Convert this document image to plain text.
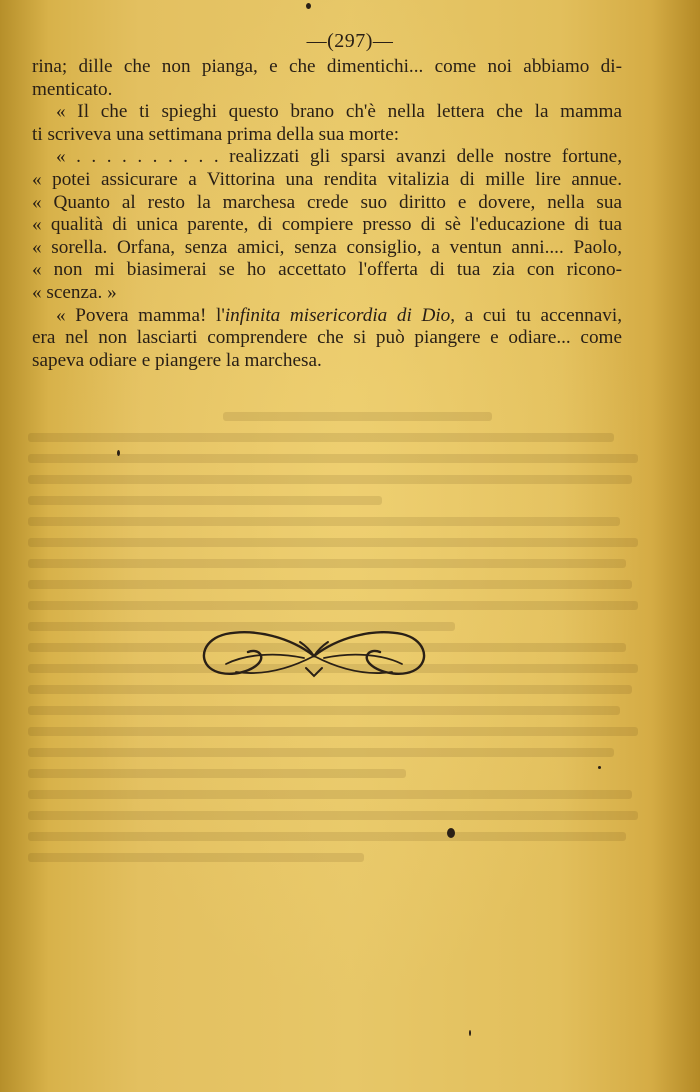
—(297)—

rina; dille che non pianga, e che dimentichi... come noi abbiamo di-

menticato.

« Il che ti spieghi questo brano ch'è nella lettera che la mamma

ti scriveva una settimana prima della sua morte:

« . . . . . . . . . . realizzati gli sparsi avanzi delle nostre fortune,

« potei assicurare a Vittorina una rendita vitalizia di mille lire annue.

« Quanto al resto la marchesa crede suo diritto e dovere, nella sua

« qualità di unica parente, di compiere presso di sè l'educazione di tua

« sorella. Orfana, senza amici, senza consiglio, a ventun anni.... Paolo,

« non mi biasimerai se ho accettato l'offerta di tua zia con ricono-

« scenza. »

« Povera mamma! l'infinita misericordia di Dio, a cui tu accennavi,

era nel non lasciarti comprendere che si può piangere e odiare... come

sapeva odiare e piangere la marchesa.
